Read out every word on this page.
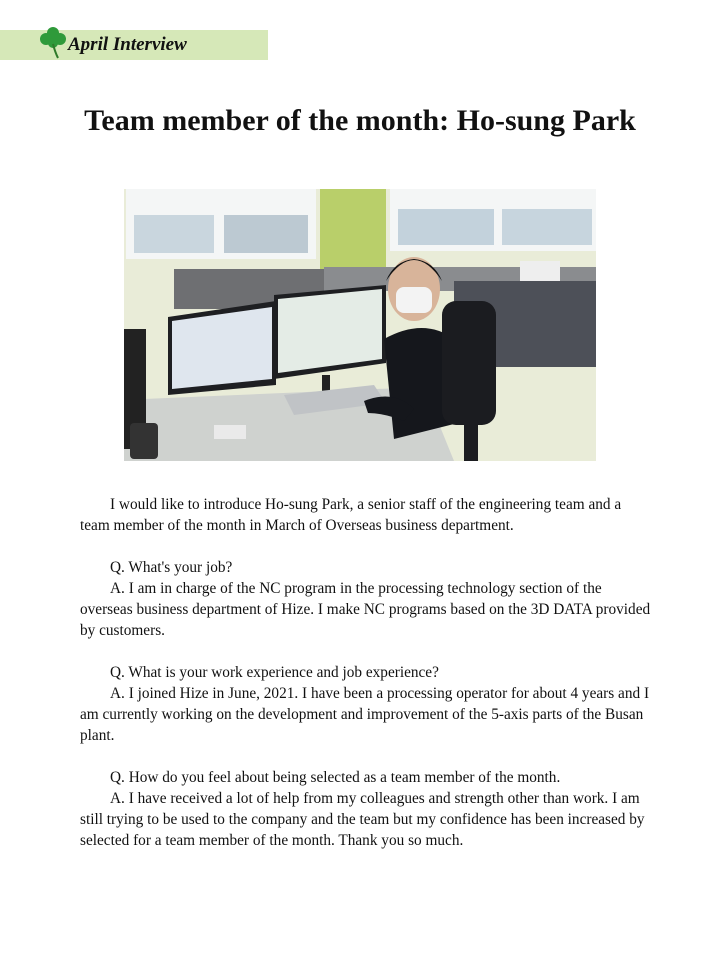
April Interview
Team member of the month: Ho-sung Park

I would like to introduce Ho-sung Park, a senior staff of the engineering team and a team member of the month in March of Overseas business department.

Q. What's your job?

A. I am in charge of the NC program in the processing technology section of the overseas business department of Hize. I make NC programs based on the 3D DATA provided by customers.

Q. What is your work experience and job experience?

A. I joined Hize in June, 2021. I have been a processing operator for about 4 years and I am currently working on the development and improvement of the 5-axis parts of the Busan plant.

Q. How do you feel about being selected as a team member of the month.

A. I have received a lot of help from my colleagues and strength other than work. I am still trying to be used to the company and the team but my confidence has been increased by selected for a team member of the month. Thank you so much.
